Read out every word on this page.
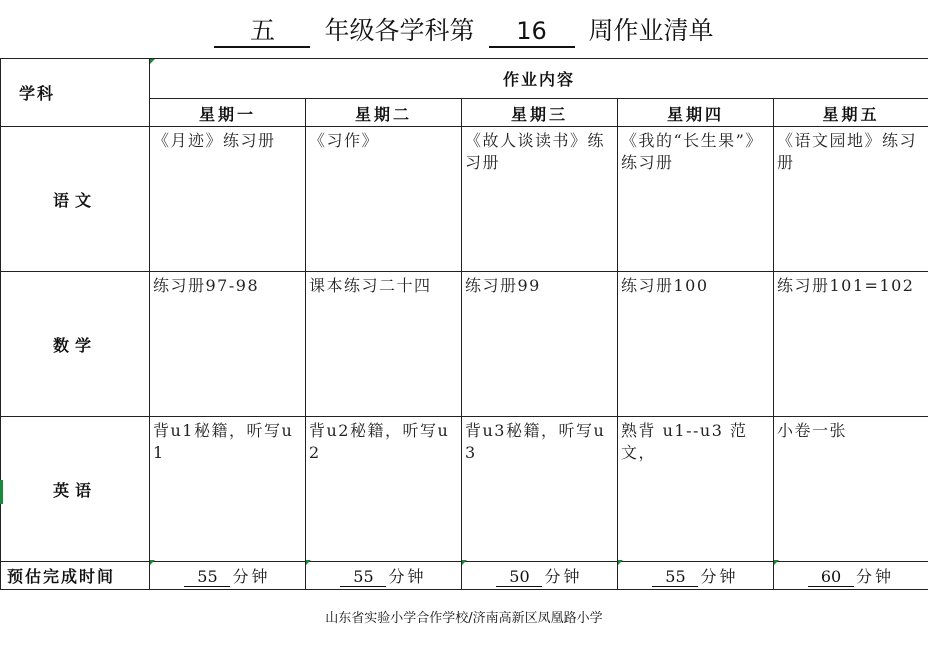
五 年级各学科第 16 周作业清单
学科	作业内容				
	星期一	星期二	星期三	星期四	星期五
语文	《月迹》练习册	《习作》	《故人谈读书》练习册	《我的“长生果”》练习册	《语文园地》练习册
数学	练习册97-98	课本练习二十四	练习册99	练习册100	练习册101=102
英语	背u1秘籍，听写u1	背u2秘籍，听写u2	背u3秘籍，听写u3	熟背 u1--u3 范文，	小卷一张
预估完成时间	55 分钟	55 分钟	50 分钟	55 分钟	60 分钟
山东省实验小学合作学校/济南高新区凤凰路小学
